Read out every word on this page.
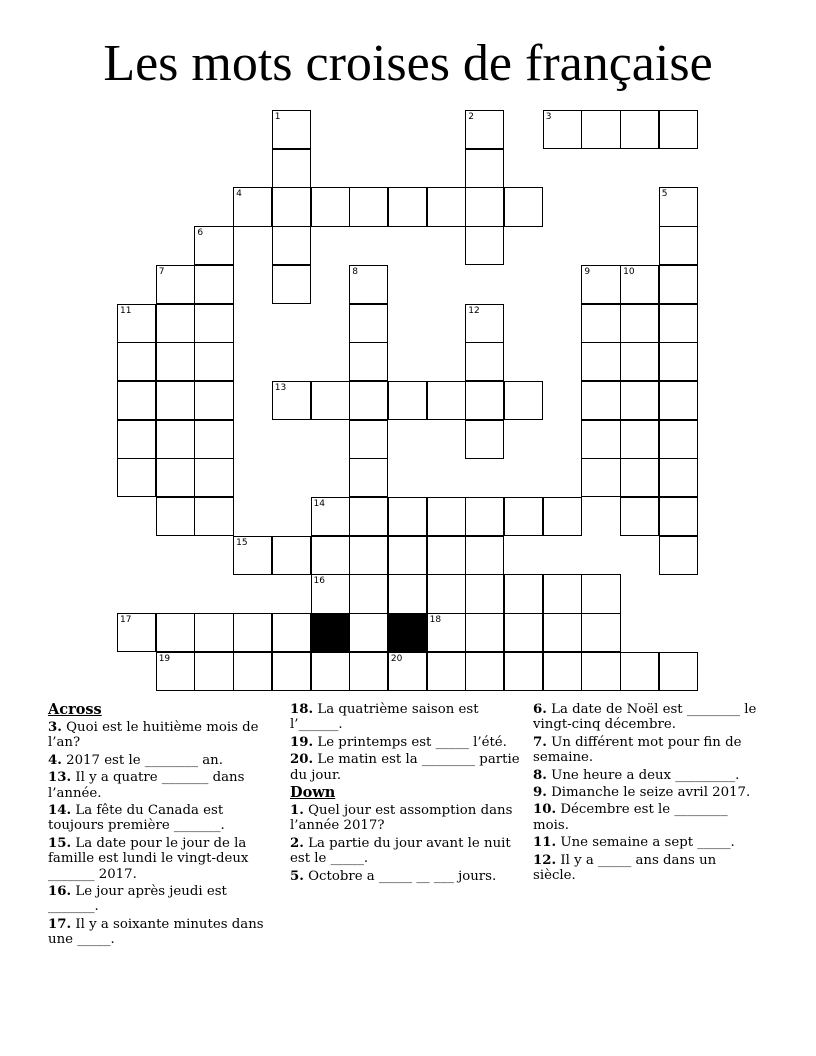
Les mots croises de française
1	2	3
4	5
6
7	8	9	10
11	12
13
14
15
16
17	18
19	20
Across
3. Quoi est le huitième mois de l’an?
4. 2017 est le ________ an.
13. Il y a quatre _______ dans l’année.
14. La fête du Canada est toujours première _______.
15. La date pour le jour de la famille est lundi le vingt-deux _______ 2017.
16. Le jour après jeudi est _______.
17. Il y a soixante minutes dans une _____.
18. La quatrième saison est l’______.
19. Le printemps est _____ l’été.
20. Le matin est la ________ partie du jour.
Down
1. Quel jour est assomption dans l’année 2017?
2. La partie du jour avant le nuit est le _____.
5. Octobre a _____ __ ___ jours.
6. La date de Noël est ________ le vingt-cinq décembre.
7. Un différent mot pour fin de semaine.
8. Une heure a deux _________.
9. Dimanche le seize avril 2017.
10. Décembre est le ________ mois.
11. Une semaine a sept _____.
12. Il y a _____ ans dans un siècle.
